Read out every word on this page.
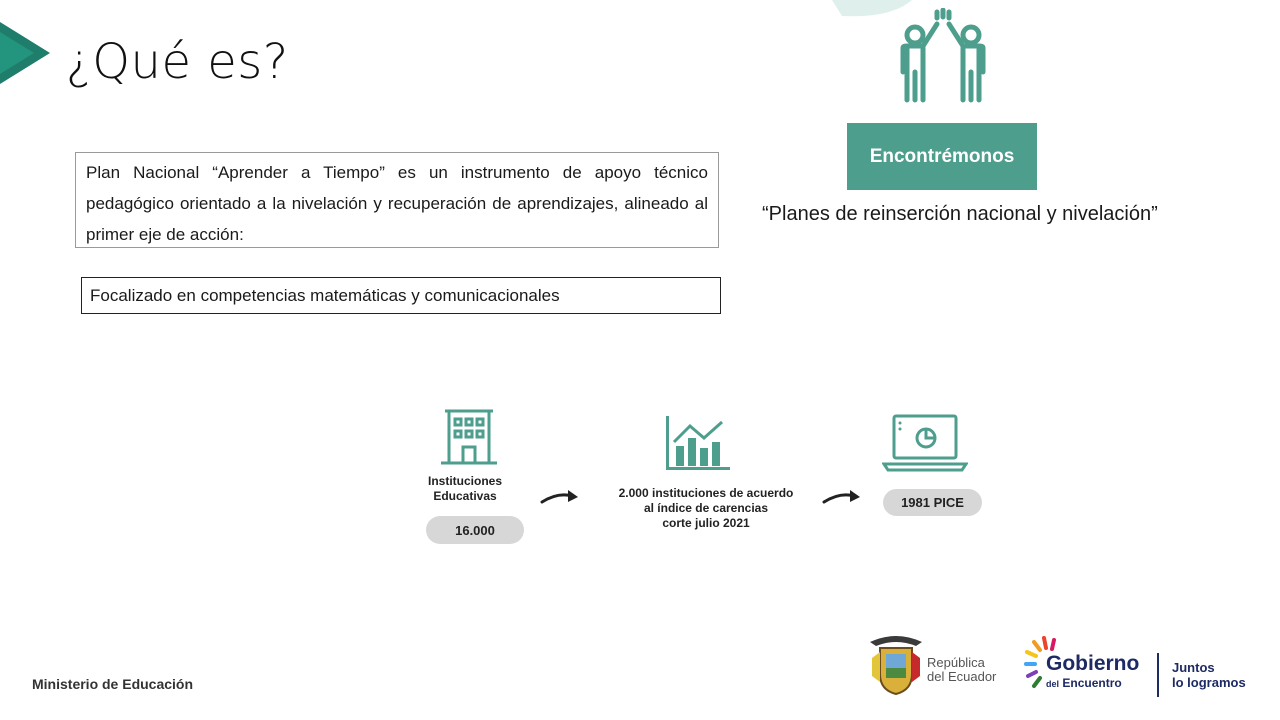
¿Qué es?
Plan Nacional “Aprender a Tiempo” es un instrumento de apoyo técnico pedagógico orientado a la nivelación y recuperación de aprendizajes, alineado al primer eje de acción:
Focalizado en competencias matemáticas y comunicacionales
Encontrémonos
“Planes de reinserción nacional y nivelación”
Instituciones
Educativas
16.000
2.000 instituciones de acuerdo
al índice de carencias
corte julio 2021
1981 PICE
Ministerio de Educación
República
del Ecuador
Gobierno
del Encuentro
Juntos
lo logramos
